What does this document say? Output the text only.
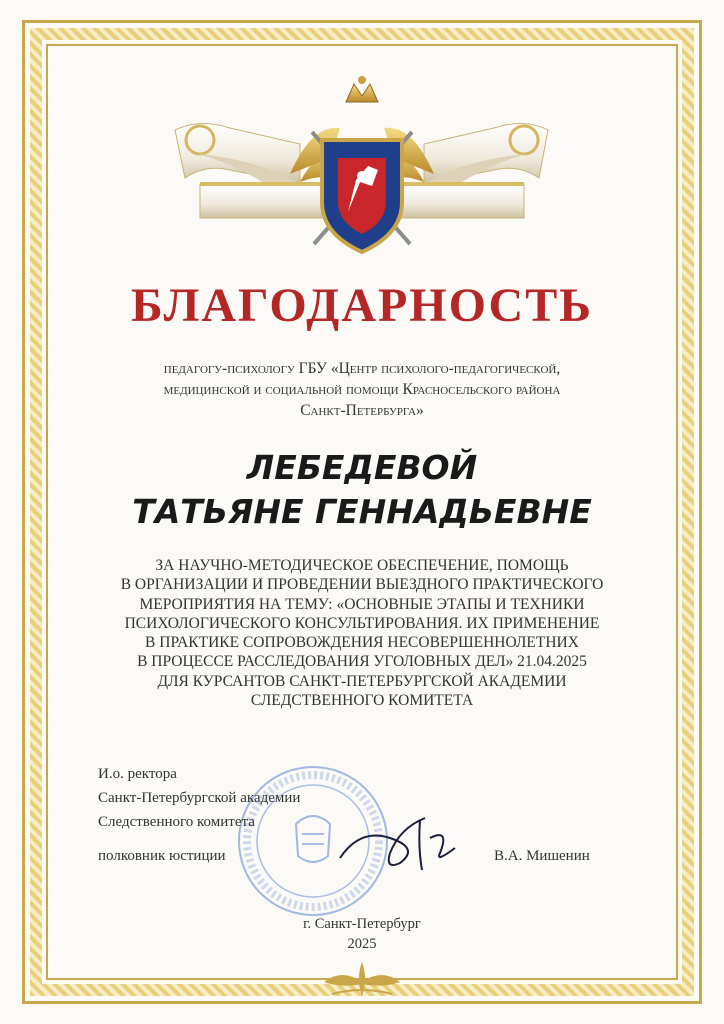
БЛАГОДАРНОСТЬ
педагогу-психологу ГБУ «Центр психолого-педагогической,
медицинской и социальной помощи Красносельского района
Санкт-Петербурга»
ЛЕБЕДЕВОЙ
ТАТЬЯНЕ ГЕННАДЬЕВНЕ
ЗА НАУЧНО-МЕТОДИЧЕСКОЕ ОБЕСПЕЧЕНИЕ, ПОМОЩЬ
В ОРГАНИЗАЦИИ И ПРОВЕДЕНИИ ВЫЕЗДНОГО ПРАКТИЧЕСКОГО
МЕРОПРИЯТИЯ НА ТЕМУ: «ОСНОВНЫЕ ЭТАПЫ И ТЕХНИКИ
ПСИХОЛОГИЧЕСКОГО КОНСУЛЬТИРОВАНИЯ. ИХ ПРИМЕНЕНИЕ
В ПРАКТИКЕ СОПРОВОЖДЕНИЯ НЕСОВЕРШЕННОЛЕТНИХ
В ПРОЦЕССЕ РАССЛЕДОВАНИЯ УГОЛОВНЫХ ДЕЛ» 21.04.2025
ДЛЯ КУРСАНТОВ САНКТ-ПЕТЕРБУРГСКОЙ АКАДЕМИИ
СЛЕДСТВЕННОГО КОМИТЕТА
И.о. ректора
Санкт-Петербургской академии
Следственного комитета
полковник юстиции	В.А. Мишенин
г. Санкт-Петербург
2025
